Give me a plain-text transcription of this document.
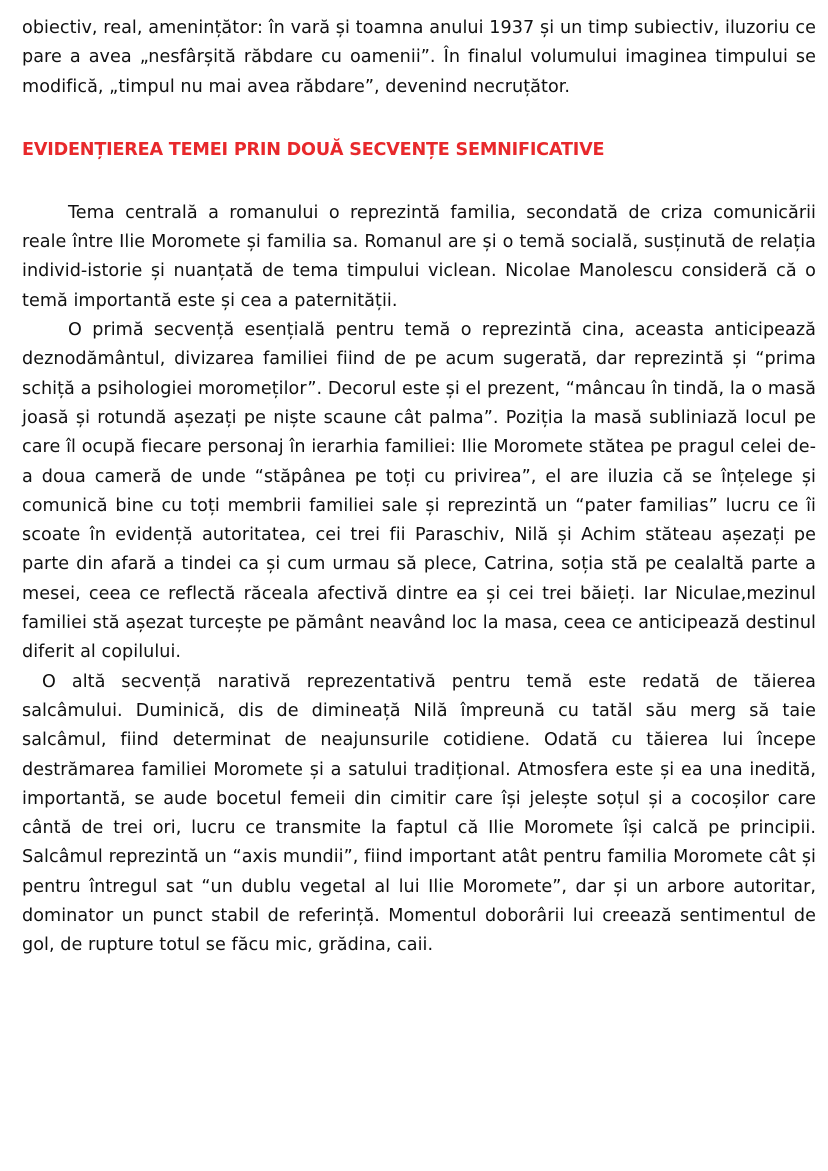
obiectiv, real, amenințător: în vară și toamna anului 1937 și un timp subiectiv, iluzoriu ce pare a avea „nesfârșită răbdare cu oamenii”. În finalul volumului imaginea timpului se modifică, „timpul nu mai avea răbdare”, devenind necruțător.

EVIDENȚIEREA TEMEI PRIN DOUĂ SECVENȚE SEMNIFICATIVE

Tema centrală a romanului o reprezintă familia, secondată de criza comunicării reale între Ilie Moromete și familia sa. Romanul are și o temă socială, susținută de relația individ-istorie și nuanțată de tema timpului viclean. Nicolae Manolescu consideră că o temă importantă este și cea a paternității.

O primă secvență esențială pentru temă o reprezintă cina, aceasta anticipează deznodământul, divizarea familiei fiind de pe acum sugerată, dar reprezintă și “prima schiță a psihologiei moromeților”. Decorul este și el prezent, “mâncau în tindă, la o masă joasă și rotundă așezați pe niște scaune cât palma”. Poziția la masă subliniază locul pe care îl ocupă fiecare personaj în ierarhia familiei: Ilie Moromete stătea pe pragul celei de-a doua cameră de unde “stăpânea pe toți cu privirea”, el are iluzia că se înțelege și comunică bine cu toți membrii familiei sale și reprezintă un “pater familias” lucru ce îi scoate în evidență autoritatea, cei trei fii Paraschiv, Nilă și Achim stăteau așezați pe parte din afară a tindei ca și cum urmau să plece, Catrina, soția stă pe cealaltă parte a mesei, ceea ce reflectă răceala afectivă dintre ea și cei trei băieți. Iar Niculae,mezinul familiei stă așezat turcește pe pământ neavând loc la masa, ceea ce anticipează destinul diferit al copilului.

O altă secvență narativă reprezentativă pentru temă este redată de tăierea salcâmului. Duminică, dis de dimineață Nilă împreună cu tatăl său merg să taie salcâmul, fiind determinat de neajunsurile cotidiene. Odată cu tăierea lui începe destrămarea familiei Moromete și a satului tradițional. Atmosfera este și ea una inedită, importantă, se aude bocetul femeii din cimitir care își jelește soțul și a cocoșilor care cântă de trei ori, lucru ce transmite la faptul că Ilie Moromete își calcă pe principii. Salcâmul reprezintă un “axis mundii”, fiind important atât pentru familia Moromete cât și pentru întregul sat “un dublu vegetal al lui Ilie Moromete”, dar și un arbore autoritar, dominator un punct stabil de referință. Momentul doborârii lui creează sentimentul de gol, de rupture totul se făcu mic, grădina, caii.
